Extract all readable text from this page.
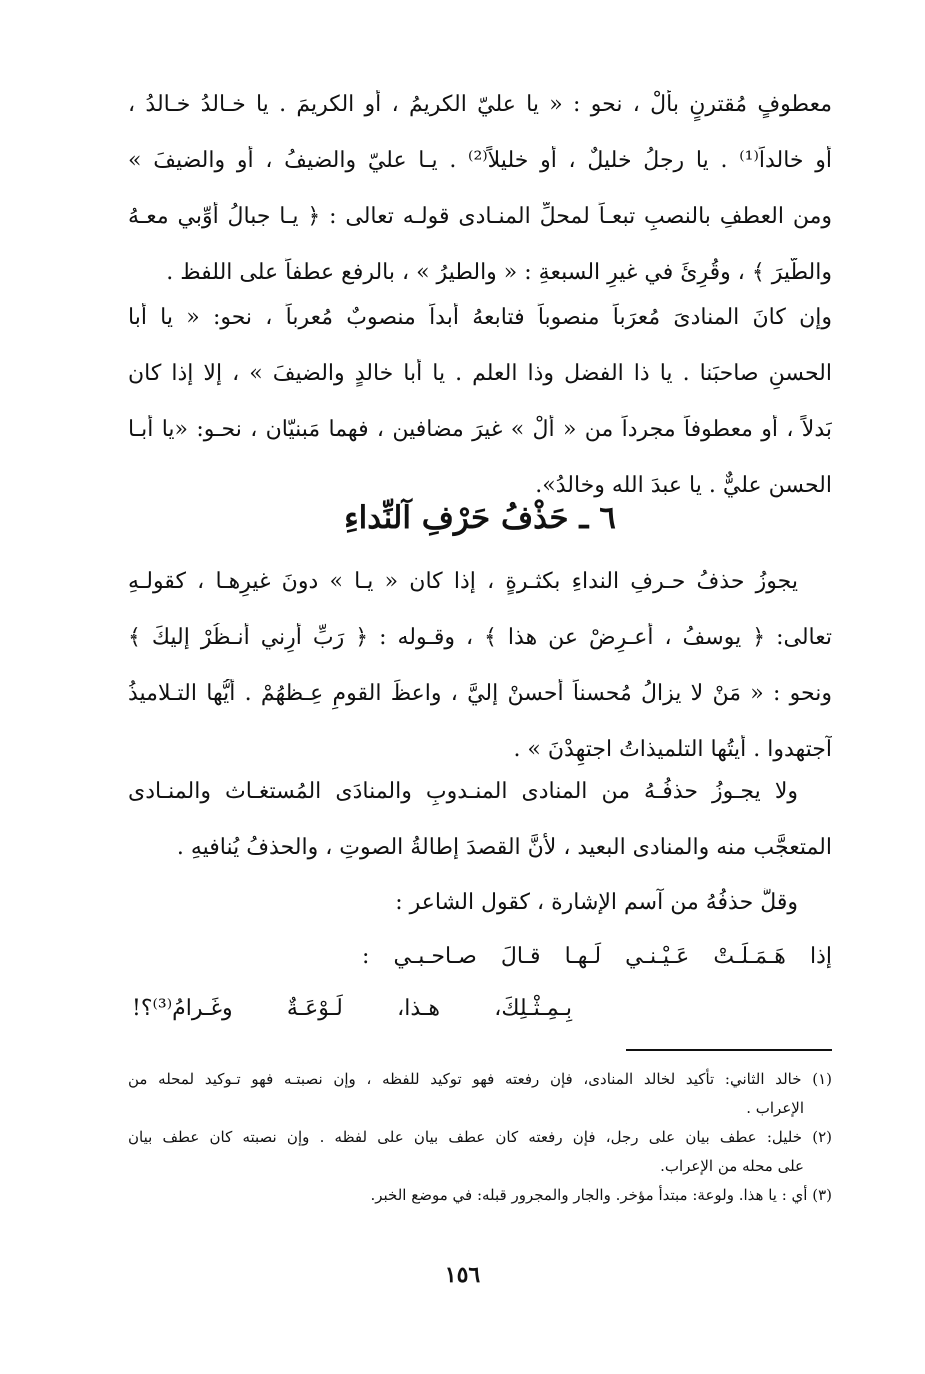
معطوفٍ مُقترنٍ بألْ ، نحو : « يا عليّ الكريمُ ، أو الكريمَ . يا خـالدُ خـالدُ ،
أو خالداً⁽¹⁾ . يا رجلُ خليلٌ ، أو خليلاً⁽²⁾ . يـا عليّ والضيفُ ، أو والضيفَ »
ومن العطفِ بالنصبِ تبعـاً لمحلِّ المنـادى قولـه تعالى : ﴿ يـا جبالُ أَوِّبي معـهُ
والطَّيرَ ﴾ ، وقُرِئَ في غيرِ السبعةِ : « والطيرُ » ، بالرفع عطفاً على اللفظ .
وإن كانَ المنادىَ مُعرَباً منصوباً فتابعهُ أبداً منصوبٌ مُعرباً ، نحو: « يا أَبا
الحسنِ صاحبَنا . يا ذا الفضل وذا العلم . يا أبا خالدٍ والضيفَ » ، إلا إذا كان
بَدلاً ، أو معطوفاً مجرداً من « ألْ » غيرَ مضافين ، فهما مَبنيّان ، نحـو: «يا أبـا
الحسن عليٌّ . يا عبدَ الله وخالدُ».
٦ ـ حَذْفُ حَرْفِ آلنِّداءِ
يجوزُ حذفُ حـرفِ النداءِ بكثـرةٍ ، إذا كان « يـا » دونَ غيرِهـا ، كقولـهِ
تعالى: ﴿ يوسفُ ، أعـرِضْ عن هذا ﴾ ، وقـوله : ﴿ رَبِّ أرِني أنـظُرْ إليكَ ﴾
ونحو : « مَنْ لا يزالُ مُحسناً أحسنْ إليَّ ، واعظَ القومِ عِـظهُمْ . أَيُّها التـلاميذُ
آجتهدوا . أَيتُها التلميذاتُ اجتهِدْنَ » .
ولا يجـوزُ حذفُـهُ من المنادى المنـدوبِ والمنادَى المُستغـاث والمنـادى
المتعجَّب منه والمنادى البعيد ، لأنَّ القصدَ إطالةُ الصوتِ ، والحذفُ يُنافيهِ .
وقلَّ حذفُهُ من آسم الإشارة ، كقول الشاعر :
إذا هَـمَـلَـتْ عَـيْـنـي لَـهـا قـالَ صـاحـبـي :
بِـمِـثْـلِكَ، هـذا، لَـوْعَـةٌ وغَـرامُ⁽³⁾؟!
(١) خالد الثاني: تأكيد لخالد المنادى، فإن رفعته فهو توكيد للفظه ، وإن نصبتـه فهو تـوكيد لمحله من
الإعراب .
(٢) خليل: عطف بيان على رجل، فإن رفعته كان عطف بيان على لفظه . وإن نصبته كان عطف بيان
على محله من الإعراب.
(٣) أي : يا هذا. ولوعة: مبتدأ مؤخر. والجار والمجرور قبله: في موضع الخبر.
١٥٦
